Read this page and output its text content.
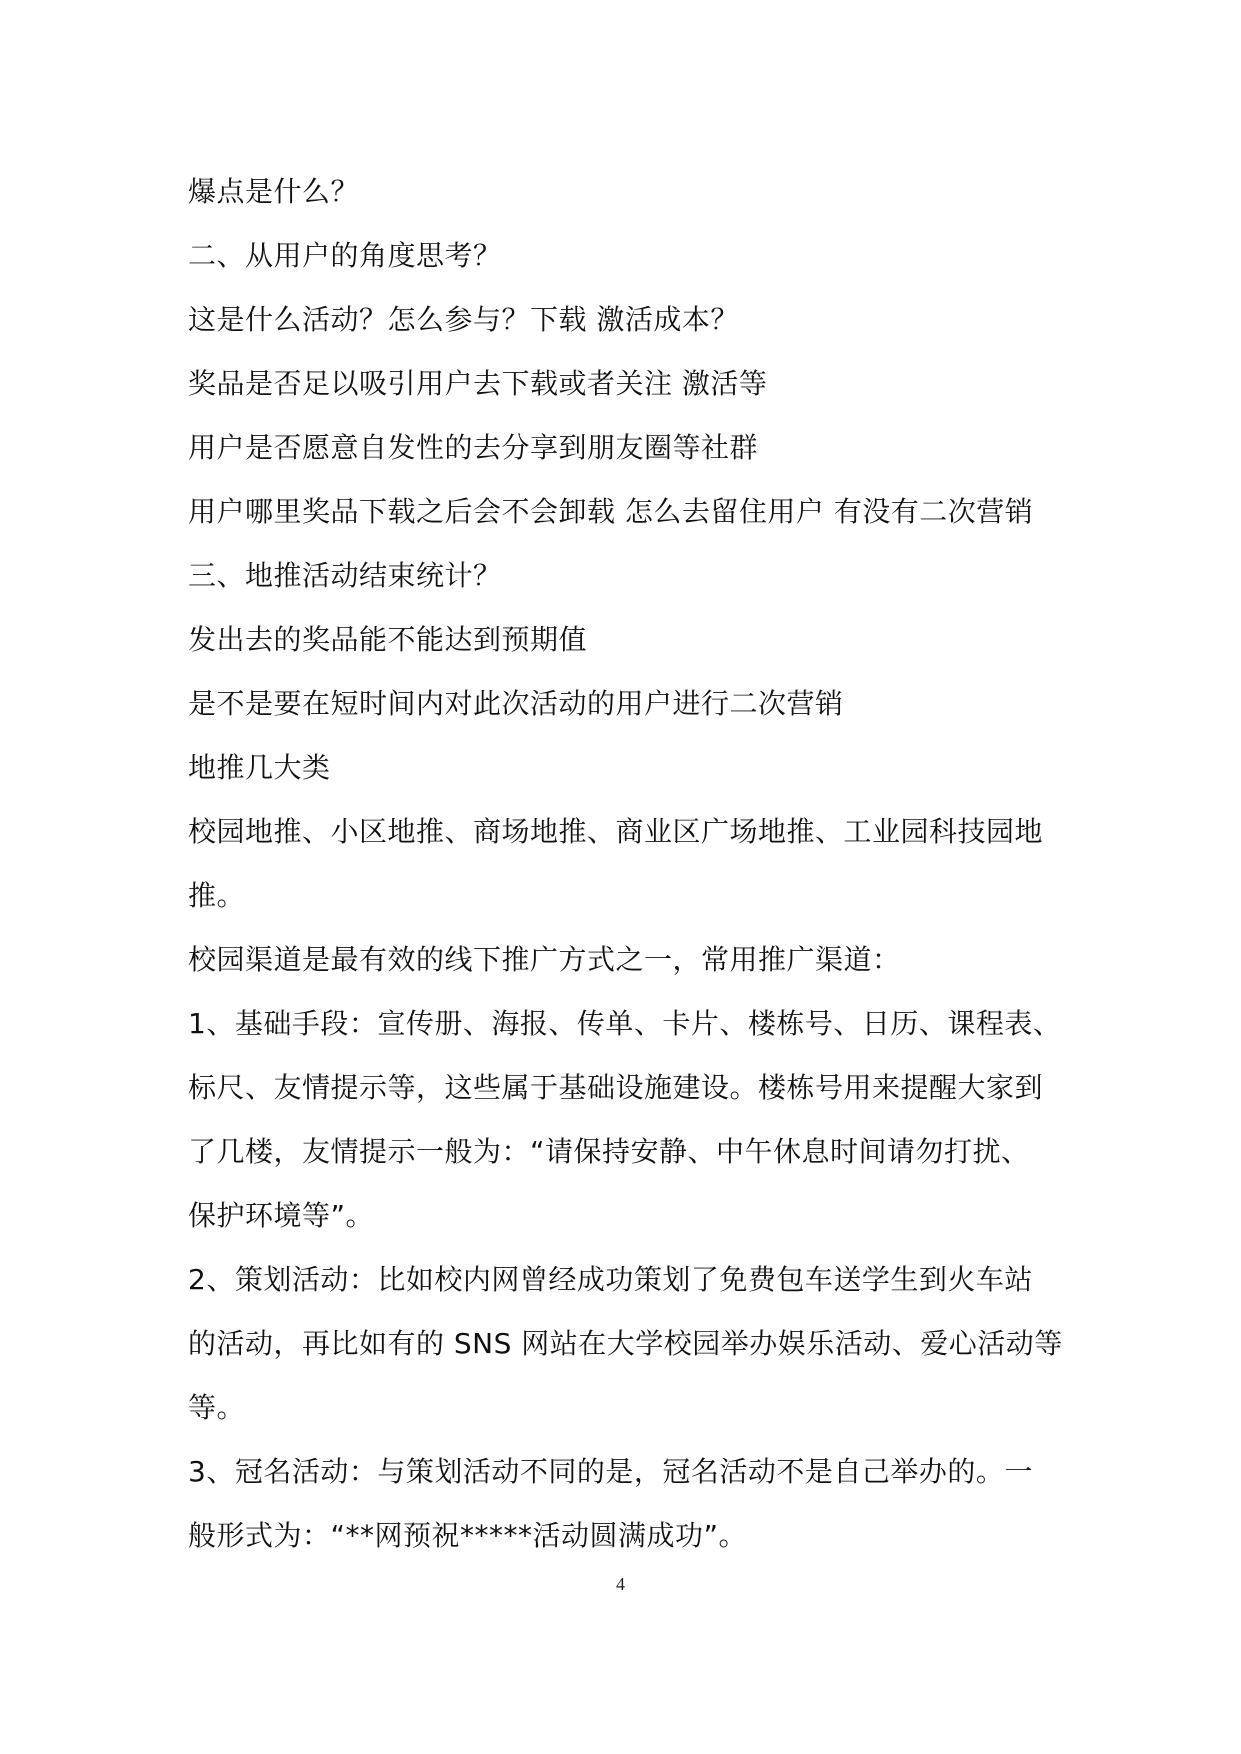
爆点是什么？
二、从用户的角度思考？
这是什么活动？怎么参与？下载 激活成本？
奖品是否足以吸引用户去下载或者关注 激活等
用户是否愿意自发性的去分享到朋友圈等社群
用户哪里奖品下载之后会不会卸载 怎么去留住用户 有没有二次营销
三、地推活动结束统计？
发出去的奖品能不能达到预期值
是不是要在短时间内对此次活动的用户进行二次营销
地推几大类
校园地推、小区地推、商场地推、商业区广场地推、工业园科技园地
推。
校园渠道是最有效的线下推广方式之一，常用推广渠道：
1、基础手段：宣传册、海报、传单、卡片、楼栋号、日历、课程表、
标尺、友情提示等，这些属于基础设施建设。楼栋号用来提醒大家到
了几楼，友情提示一般为：“请保持安静、中午休息时间请勿打扰、
保护环境等”。
2、策划活动：比如校内网曾经成功策划了免费包车送学生到火车站
的活动，再比如有的 SNS 网站在大学校园举办娱乐活动、爱心活动等
等。
3、冠名活动：与策划活动不同的是，冠名活动不是自己举办的。一
般形式为：“**网预祝*****活动圆满成功”。
4
